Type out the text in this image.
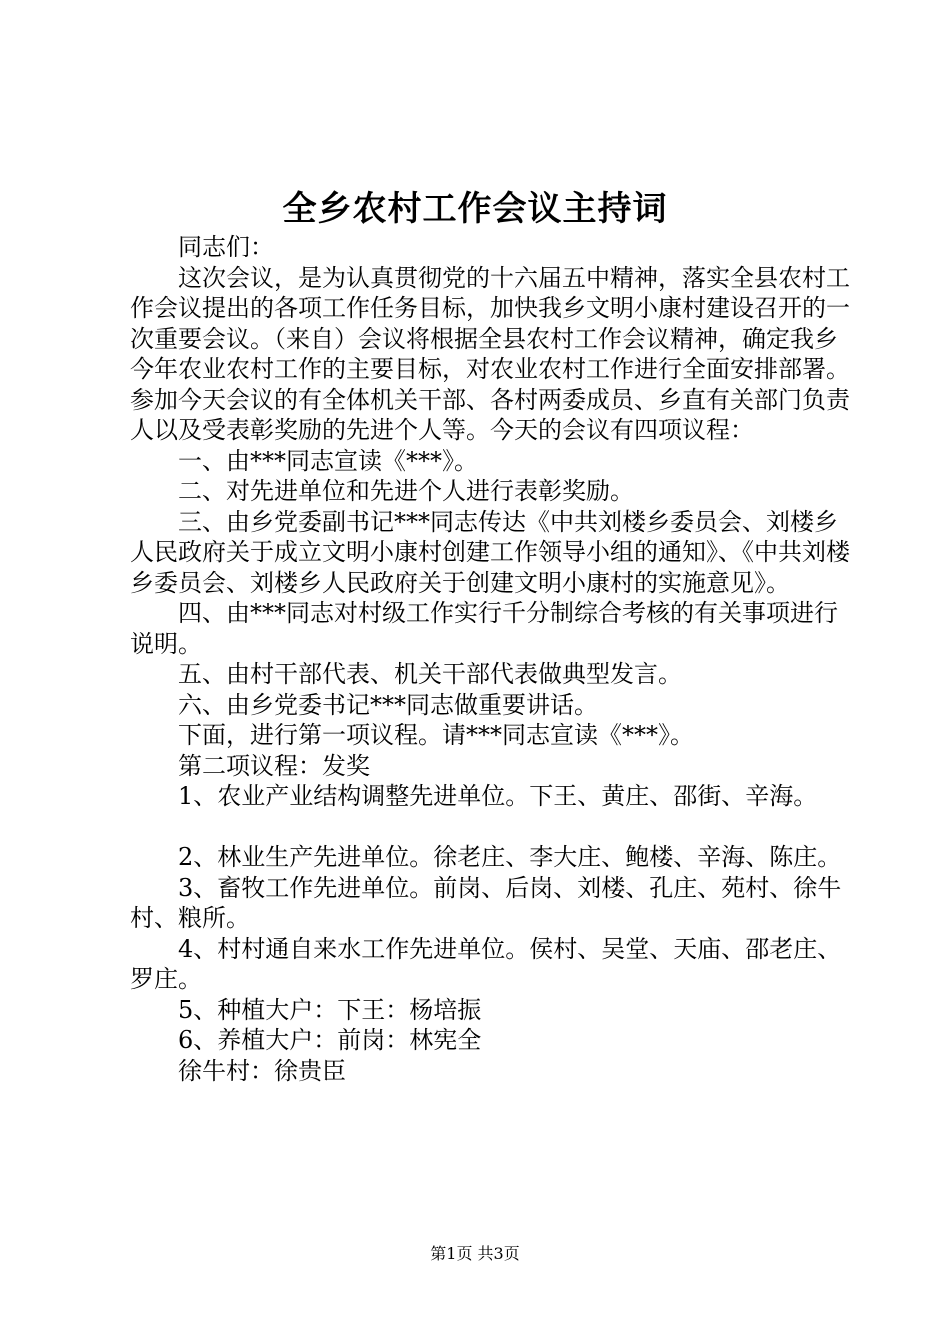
全乡农村工作会议主持词

同志们：

这次会议，是为认真贯彻党的十六届五中精神，落实全县农村工作会议提出的各项工作任务目标，加快我乡文明小康村建设召开的一次重要会议。（来自）会议将根据全县农村工作会议精神，确定我乡今年农业农村工作的主要目标，对农业农村工作进行全面安排部署。参加今天会议的有全体机关干部、各村两委成员、乡直有关部门负责人以及受表彰奖励的先进个人等。今天的会议有四项议程：

一、由***同志宣读《***》。

二、对先进单位和先进个人进行表彰奖励。

三、由乡党委副书记***同志传达《中共刘楼乡委员会、刘楼乡人民政府关于成立文明小康村创建工作领导小组的通知》、《中共刘楼乡委员会、刘楼乡人民政府关于创建文明小康村的实施意见》。

四、由***同志对村级工作实行千分制综合考核的有关事项进行说明。

五、由村干部代表、机关干部代表做典型发言。

六、由乡党委书记***同志做重要讲话。

下面，进行第一项议程。请***同志宣读《***》。

第二项议程：发奖

1、农业产业结构调整先进单位。下王、黄庄、邵街、辛海。

2、林业生产先进单位。徐老庄、李大庄、鲍楼、辛海、陈庄。

3、畜牧工作先进单位。前岗、后岗、刘楼、孔庄、苑村、徐牛村、粮所。

4、村村通自来水工作先进单位。侯村、吴堂、天庙、邵老庄、罗庄。

5、种植大户：下王：杨培振

6、养植大户：前岗：林宪全

徐牛村：徐贵臣

第1页 共3页
